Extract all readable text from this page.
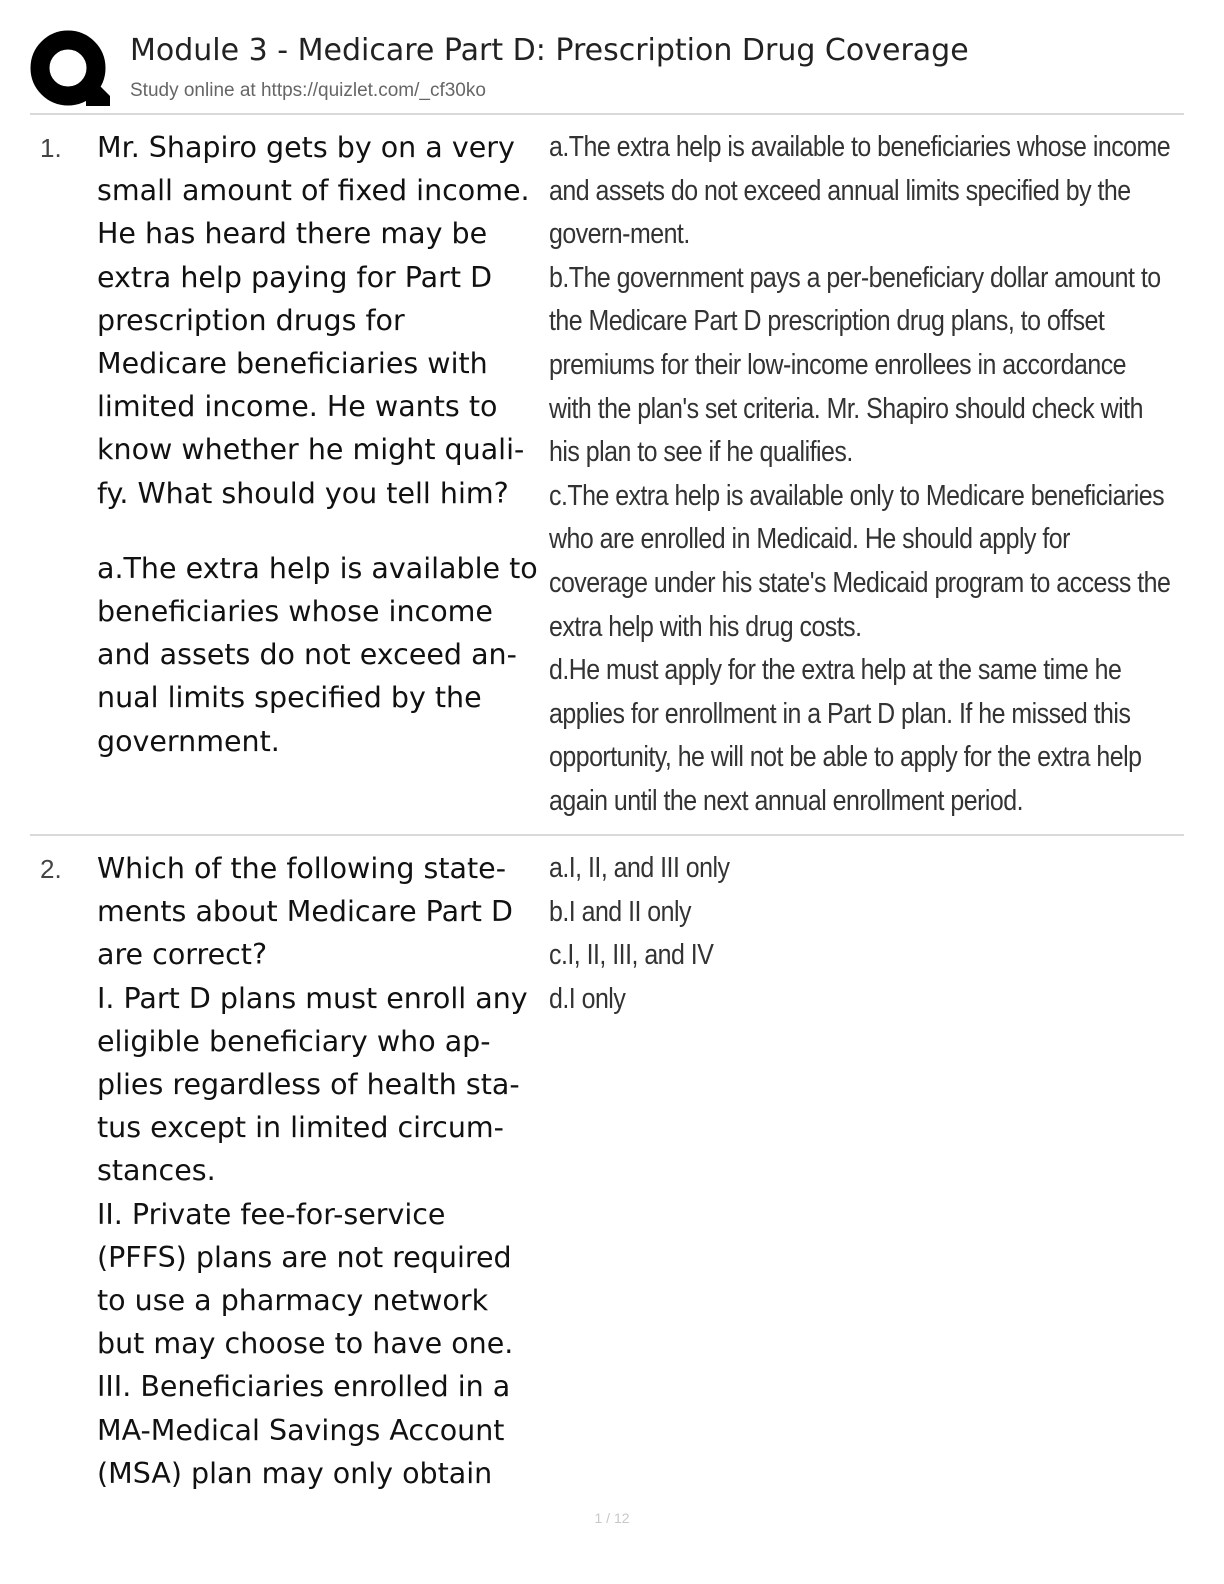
Module 3 - Medicare Part D: Prescription Drug Coverage
Study online at https://quizlet.com/_cf30ko
1. Mr. Shapiro gets by on a very small amount of fixed income. He has heard there may be extra help paying for Part D prescription drugs for Medicare beneficiaries with limited income. He wants to know whether he might quali-fy. What should you tell him?

a.The extra help is available to beneficiaries whose income and assets do not exceed an-nual limits specified by the government.

a.The extra help is available to beneficiaries whose income and assets do not exceed annual limits specified by the govern-ment.

b.The government pays a per-beneficiary dollar amount to the Medicare Part D prescription drug plans, to offset premiums for their low-income enrollees in accordance with the plan's set criteria. Mr. Shapiro should check with his plan to see if he qualifies.

c.The extra help is available only to Medicare beneficiaries who are enrolled in Medicaid. He should apply for coverage under his state's Medicaid program to access the extra help with his drug costs.

d.He must apply for the extra help at the same time he applies for enrollment in a Part D plan. If he missed this opportunity, he will not be able to apply for the extra help again until the next annual enrollment period.

2. Which of the following state-ments about Medicare Part D are correct?

I. Part D plans must enroll any eligible beneficiary who ap-plies regardless of health sta-tus except in limited circum-stances.

II. Private fee-for-service (PFFS) plans are not required to use a pharmacy network but may choose to have one.

III. Beneficiaries enrolled in a MA-Medical Savings Account (MSA) plan may only obtain

a.I, II, and III only

b.I and II only

c.I, II, III, and IV

d.I only

1 / 12
